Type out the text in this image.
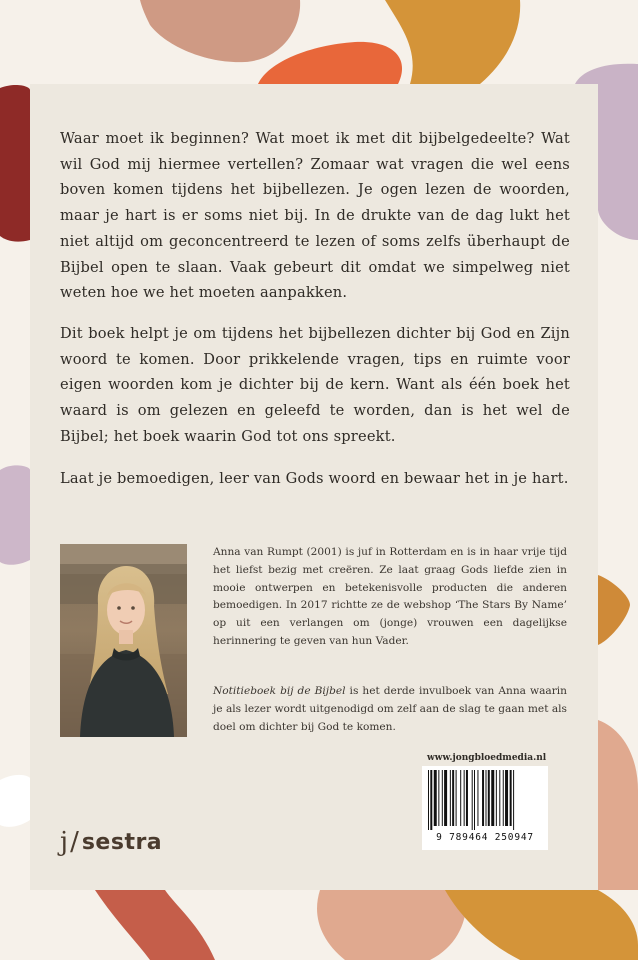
Waar moet ik beginnen? Wat moet ik met dit bijbelgedeelte? Wat wil God mij hiermee vertellen? Zomaar wat vragen die wel eens boven komen tijdens het bijbellezen. Je ogen lezen de woorden, maar je hart is er soms niet bij. In de drukte van de dag lukt het niet altijd om geconcentreerd te lezen of soms zelfs überhaupt de Bijbel open te slaan. Vaak gebeurt dit omdat we simpelweg niet weten hoe we het moeten aanpakken.

Dit boek helpt je om tijdens het bijbellezen dichter bij God en Zijn woord te komen. Door prikkelende vragen, tips en ruimte voor eigen woorden kom je dichter bij de kern. Want als één boek het waard is om gelezen en geleefd te worden, dan is het wel de Bijbel; het boek waarin God tot ons spreekt.

Laat je bemoedigen, leer van Gods woord en bewaar het in je hart.

Anna van Rumpt (2001) is juf in Rotterdam en is in haar vrije tijd het liefst bezig met creëren. Ze laat graag Gods liefde zien in mooie ontwerpen en betekenisvolle producten die anderen bemoedigen. In 2017 richtte ze de webshop ‘The Stars By Name’ op uit een verlangen om (jonge) vrouwen een dagelijkse herinnering te geven van hun Vader.

Notitieboek bij de Bijbel is het derde invulboek van Anna waarin je als lezer wordt uitgenodigd om zelf aan de slag te gaan met als doel om dichter bij God te komen.

www.jongbloedmedia.nl
9 789464 250947
j / sestra
